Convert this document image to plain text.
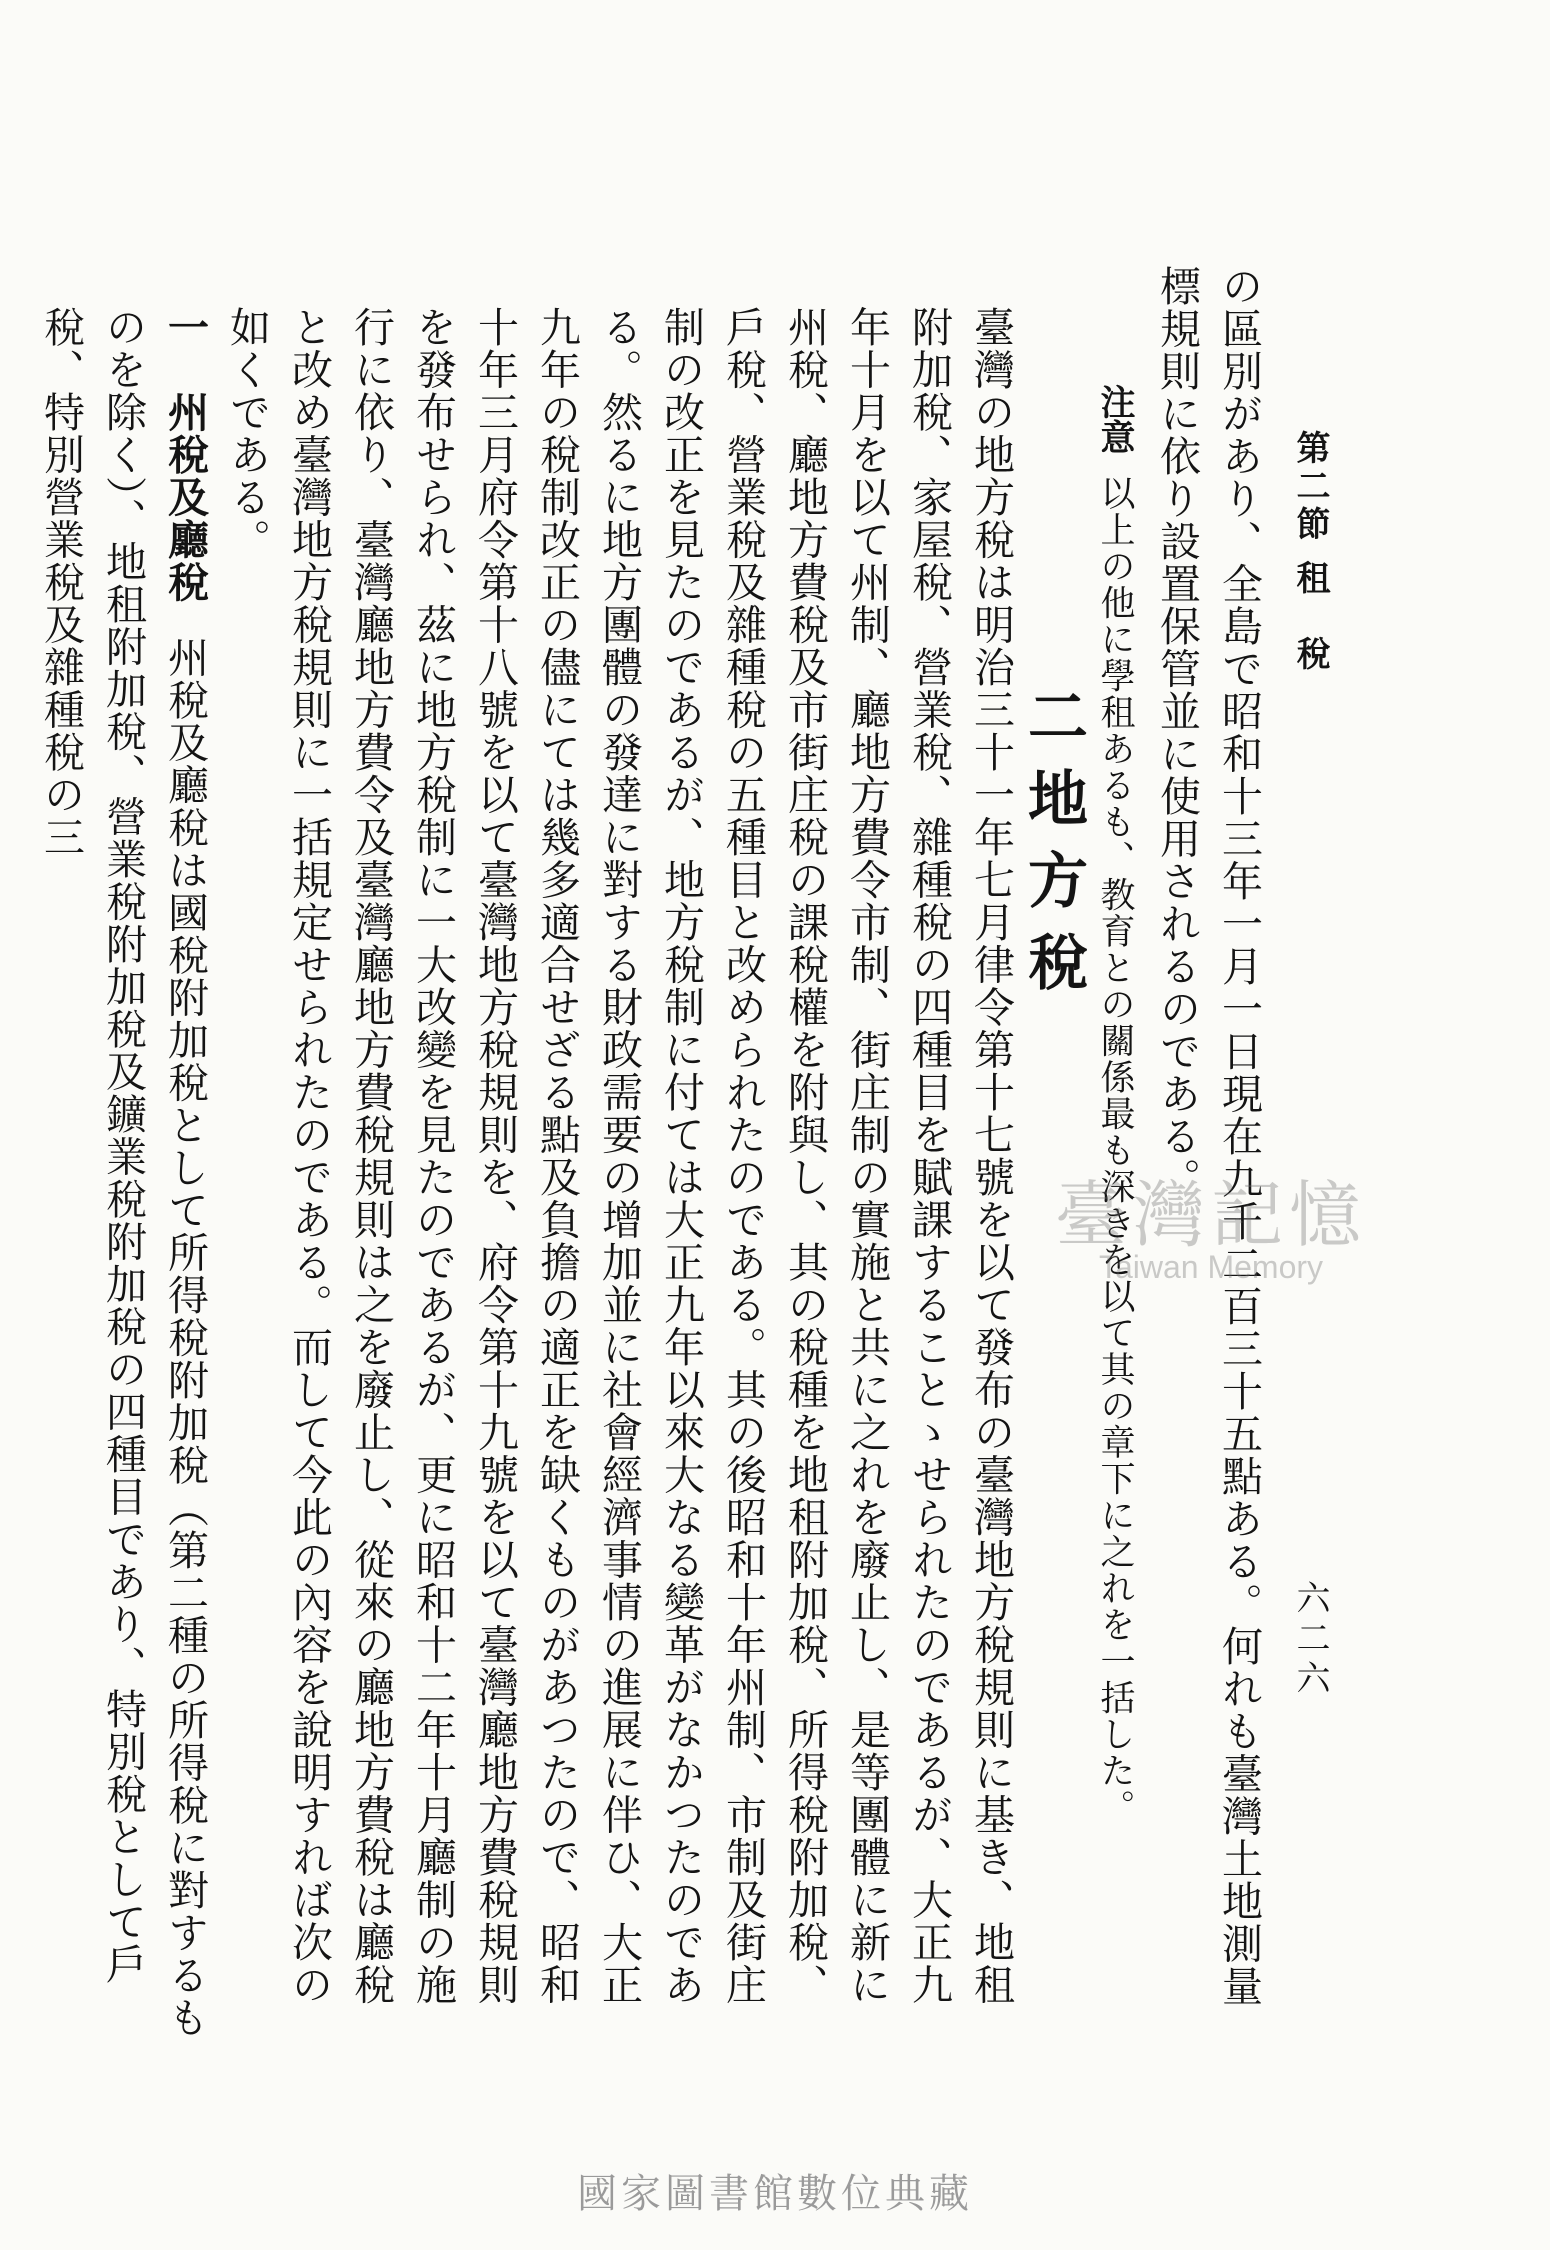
第二節 租　稅
六二六

の區別があり、全島で昭和十三年一月一日現在九千二百三十五點ある。何れも臺灣土地測量標規則に依り設置保管並に使用されるのである。

注意以上の他に學租あるも、教育との關係最も深きを以て其の章下に之れを一括した。

二地方稅

臺灣の地方稅は明治三十一年七月律令第十七號を以て發布の臺灣地方稅規則に基き、地租附加稅、家屋稅、營業稅、雜種稅の四種目を賦課することゝせられたのであるが、大正九年十月を以て州制、廳地方費令市制、街庄制の實施と共に之れを廢止し、是等團體に新に州稅、廳地方費稅及市街庄稅の課稅權を附與し、其の稅種を地租附加稅、所得稅附加稅、戶稅、營業稅及雜種稅の五種目と改められたのである。其の後昭和十年州制、市制及街庄制の改正を見たのであるが、地方稅制に付ては大正九年以來大なる變革がなかつたのである。然るに地方團體の發達に對する財政需要の增加並に社會經濟事情の進展に伴ひ、大正九年の稅制改正の儘にては幾多適合せざる點及負擔の適正を缺くものがあつたので、昭和十年三月府令第十八號を以て臺灣地方稅規則を、府令第十九號を以て臺灣廳地方費稅規則を發布せられ、茲に地方稅制に一大改變を見たのであるが、更に昭和十二年十月廳制の施行に依り、臺灣廳地方費令及臺灣廳地方費稅規則は之を廢止し、從來の廳地方費稅は廳稅と改め臺灣地方稅規則に一括規定せられたのである。而して今此の內容を說明すれば次の如くである。

一　州稅及廳稅州稅及廳稅は國稅附加稅として所得稅附加稅（第二種の所得稅に對するものを除く）、地租附加稅、營業稅附加稅及鑛業稅附加稅の四種目であり、特別稅として戶稅、特別營業稅及雜種稅の三

臺灣記憶
Taiwan Memory
國家圖書館數位典藏
